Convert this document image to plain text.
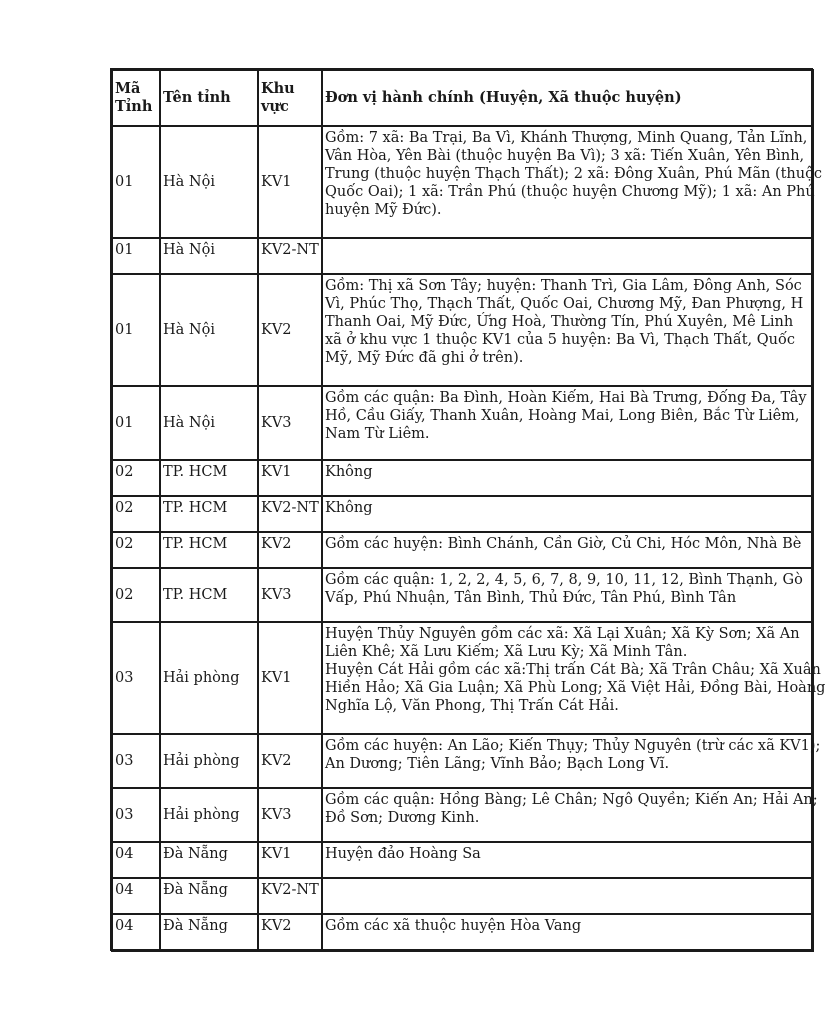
Mã Tỉnh	Tên tỉnh	Khu vực	Đơn vị hành chính (Huyện, Xã thuộc huyện)
01	Hà Nội	KV1	Gồm: 7 xã: Ba Trại, Ba Vì, Khánh Thượng, Minh Quang, Tản Lĩnh,
Vân Hòa, Yên Bài (thuộc huyện Ba Vì); 3 xã: Tiến Xuân, Yên Bình,
Trung (thuộc huyện Thạch Thất); 2 xã: Đông Xuân, Phú Mãn (thuộc
Quốc Oai); 1 xã: Trần Phú (thuộc huyện Chương Mỹ); 1 xã: An Phú
huyện Mỹ Đức).

01	Hà Nội	KV2-NT	
01	Hà Nội	KV2	Gồm: Thị xã Sơn Tây; huyện: Thanh Trì, Gia Lâm, Đông Anh, Sóc
Vì, Phúc Thọ, Thạch Thất, Quốc Oai, Chương Mỹ, Đan Phượng, H
Thanh Oai, Mỹ Đức, Ứng Hoà, Thường Tín, Phú Xuyên, Mê Linh
xã ở khu vực 1 thuộc KV1 của 5 huyện: Ba Vì, Thạch Thất, Quốc
Mỹ, Mỹ Đức đã ghi ở trên).

01	Hà Nội	KV3	Gồm các quận: Ba Đình, Hoàn Kiếm, Hai Bà Trưng, Đống Đa, Tây
Hồ, Cầu Giấy, Thanh Xuân, Hoàng Mai, Long Biên, Bắc Từ Liêm,
Nam Từ Liêm.

02	TP. HCM	KV1	Không

02	TP. HCM	KV2-NT	Không

02	TP. HCM	KV2	Gồm các huyện: Bình Chánh, Cần Giờ, Củ Chi, Hóc Môn, Nhà Bè

02	TP. HCM	KV3	Gồm các quận: 1, 2, 2, 4, 5, 6, 7, 8, 9, 10, 11, 12, Bình Thạnh, Gò
Vấp, Phú Nhuận, Tân Bình, Thủ Đức, Tân Phú, Bình Tân

03	Hải phòng	KV1	Huyện Thủy Nguyên gồm các xã: Xã Lại Xuân; Xã Kỳ Sơn; Xã An
Liên Khê; Xã Lưu Kiếm; Xã Lưu Kỳ; Xã Minh Tân.
Huyện Cát Hải gồm các xã:Thị trấn Cát Bà; Xã Trân Châu; Xã Xuân
Hiền Hảo; Xã Gia Luận; Xã Phù Long; Xã Việt Hải, Đồng Bài, Hoàng
Nghĩa Lộ, Văn Phong, Thị Trấn Cát Hải.

03	Hải phòng	KV2	Gồm các huyện: An Lão; Kiến Thụy; Thủy Nguyên (trừ các xã KV1);
An Dương; Tiên Lãng; Vĩnh Bảo; Bạch Long Vĩ.

03	Hải phòng	KV3	Gồm các quận: Hồng Bàng; Lê Chân; Ngô Quyền; Kiến An; Hải An;
Đồ Sơn; Dương Kinh.

04	Đà Nẵng	KV1	Huyện đảo Hoàng Sa

04	Đà Nẵng	KV2-NT	
04	Đà Nẵng	KV2	Gồm các xã thuộc huyện Hòa Vang
